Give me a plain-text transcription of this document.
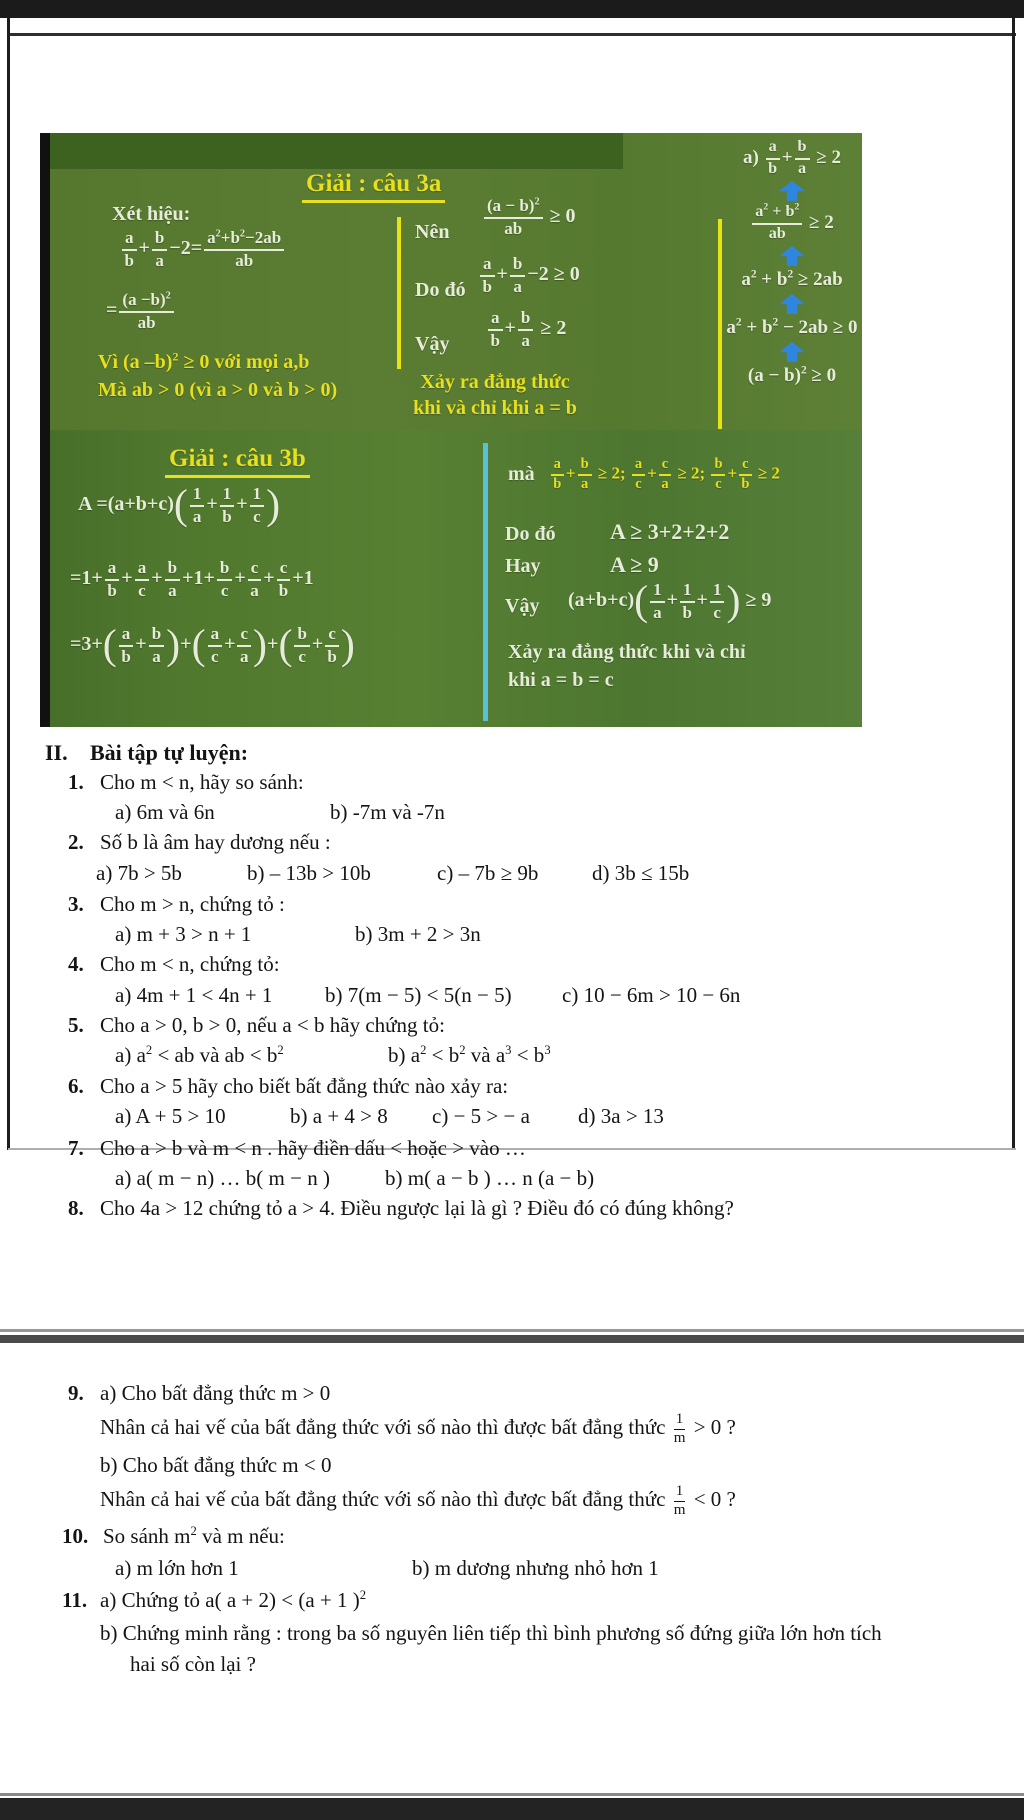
Giải : câu 3a
Xét hiệu:
$\frac{a}{b} + \frac{b}{a} -2= \frac{a^2+b^2-2ab}{ab}$
= $\frac{(a -b)^2}{ab}$
Vì (a –b)$^2$ ≥ 0 với mọi a,b
Mà ab > 0 (vì a > 0 và b > 0)
Nên $\frac{(a - b)^2}{ab} \ge 0$
Do đó $\frac{a}{b} + \frac{b}{a} -2 \ge 0$
Vậy $\frac{a}{b} + \frac{b}{a} \ge 2$
Xảy ra đẳng thức
khi và chỉ khi a = b
$a) \frac{a}{b} + \frac{b}{a} \ge 2$
$\frac{a^2 + b^2}{ab} \ge 2$
$a^2 + b^2 \ge 2ab$
$a^2 + b^2 - 2ab \ge 0$
$(a - b)^2 \ge 0$
Giải : câu 3b
$A =(a+b+c)( \frac{1}{a} + \frac{1}{b} + \frac{1}{c}$ )
$=1+ \frac{a}{b} + \frac{a}{c} + \frac{b}{a} +1+ \frac{b}{c} + \frac{c}{a} + \frac{c}{b} +1$
$=3+( \frac{a}{b} + \frac{b}{a}$ )+( $\frac{a}{c} + \frac{c}{a}$ )+( $\frac{b}{c} + \frac{c}{b}$ )
mà $\frac{a}{b} + \frac{b}{a} \ge 2$; $\frac{a}{c} + \frac{c}{a} \ge 2$; $\frac{b}{c} + \frac{c}{b} \ge 2$
Do đó A ≥ 3+2+2+2
Hay	A ≥ 9
Vậy $(a+b+c)( \frac{1}{a} + \frac{1}{b} + \frac{1}{c}$ ) ≥ 9
Xảy ra đẳng thức khi và chỉ
khi a = b = c
II. Bài tập tự luyện:
1. Cho m < n, hãy so sánh:
a) 6m và 6n	b) -7m và -7n
2. Số b là âm hay dương nếu :
a) 7b > 5b	b) – 13b > 10b	c) – 7b ≥ 9b	d) 3b ≤ 15b
3. Cho m > n, chứng tỏ :
a) m + 3 > n + 1	b) 3m + 2 > 3n
4. Cho m < n, chứng tỏ:
a) 4m + 1 < 4n + 1	b) 7(m − 5) < 5(n − 5) c) 10 − 6m > 10 − 6n
5. Cho a > 0, b > 0, nếu a < b hãy chứng tỏ:
a) $a^2$ < ab và ab < $b^2$	b) $a^2 < b^2$ và $a^3 < b^3$
6. Cho a > 5 hãy cho biết bất đẳng thức nào xảy ra:
a) A + 5 > 10	b) a + 4 > 8 c) − 5 > − a d) 3a > 13
7. Cho a > b và m < n . hãy điền dấu < hoặc > vào …
a) a( m − n) … b( m − n )	b) m( a − b ) … n (a − b)
8. Cho 4a > 12 chứng tỏ a > 4. Điều ngược lại là gì ? Điều đó có đúng không?
9. a) Cho bất đẳng thức m > 0
Nhân cả hai vế của bất đẳng thức với số nào thì được bất đẳng thức $\frac{1}{m} > 0$ ?
b) Cho bất đẳng thức m < 0
Nhân cả hai vế của bất đẳng thức với số nào thì được bất đẳng thức $\frac{1}{m} < 0$ ?
10. So sánh $m^2$ và m nếu:
a) m lớn hơn 1	b) m dương nhưng nhỏ hơn 1
11. a) Chứng tỏ a( a + 2) < (a + 1 )$^2$
b) Chứng minh rằng : trong ba số nguyên liên tiếp thì bình phương số đứng giữa lớn hơn tích
hai số còn lại ?
